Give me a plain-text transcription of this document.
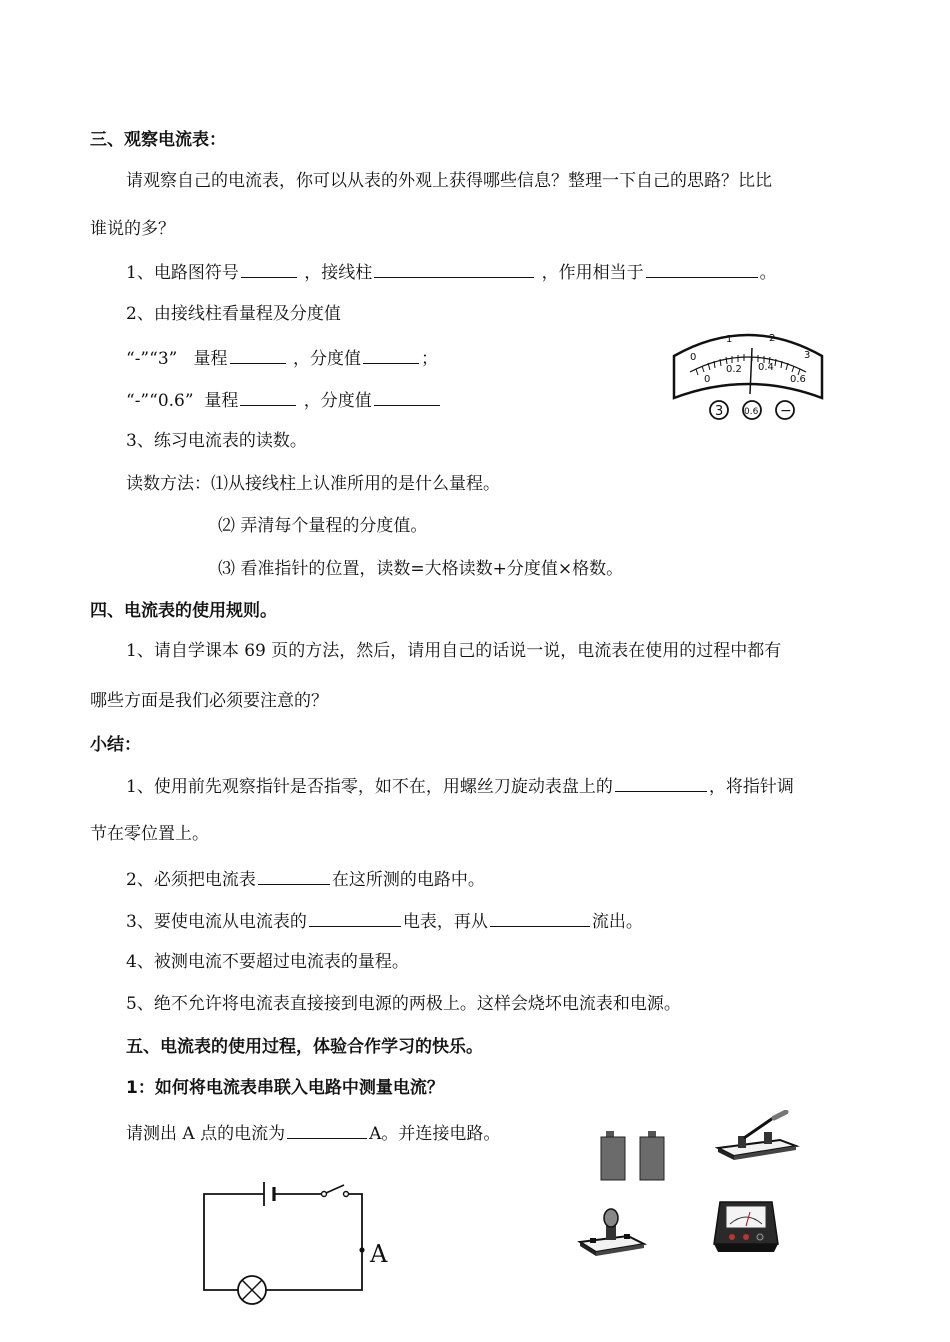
三、观察电流表：
请观察自己的电流表，你可以从表的外观上获得哪些信息？整理一下自己的思路？比比
谁说的多？
1、电路图符号	，接线柱	，作用相当于	。
2、由接线柱看量程及分度值
“-”“3”   量程	，分度值	；
“-”“0.6”  量程	，分度值
3、练习电流表的读数。
读数方法：⑴从接线柱上认准所用的是什么量程。
⑵ 弄清每个量程的分度值。
⑶ 看准指针的位置，读数=大格读数+分度值×格数。
0
1	2
3
0
0.2 0.4
0.6
3 0.6 −
四、电流表的使用规则。
1、请自学课本 69 页的方法，然后，请用自己的话说一说，电流表在使用的过程中都有
哪些方面是我们必须要注意的？
小结：
1、使用前先观察指针是否指零，如不在，用螺丝刀旋动表盘上的	，将指针调
节在零位置上。
2、必须把电流表	在这所测的电路中。
3、要使电流从电流表的	电表，再从	流出。
4、被测电流不要超过电流表的量程。
5、绝不允许将电流表直接接到电源的两极上。这样会烧坏电流表和电源。
五、电流表的使用过程，体验合作学习的快乐。
1：如何将电流表串联入电路中测量电流？
请测出 A 点的电流为	A。并连接电路。
A
